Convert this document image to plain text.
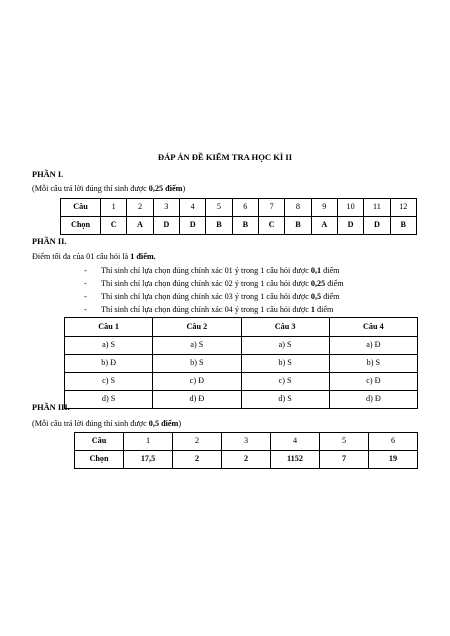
ĐÁP ÁN ĐỀ KIỂM TRA HỌC KÌ II
PHẦN I.
(Mỗi câu trả lời đúng thí sinh được 0,25 điểm)
Câu	1	2	3	4	5	6	7	8	9	10	11	12
Chọn	C	A	D	D	B	B	C	B	A	D	D	B
PHẦN II.
Điểm tối đa của 01 câu hỏi là 1 điểm.
- Thí sinh chỉ lựa chọn đúng chính xác 01 ý trong 1 câu hỏi được 0,1 điểm
- Thí sinh chỉ lựa chọn đúng chính xác 02 ý trong 1 câu hỏi được 0,25 điểm
- Thí sinh chỉ lựa chọn đúng chính xác 03 ý trong 1 câu hỏi được 0,5 điểm
- Thí sinh chỉ lựa chọn đúng chính xác 04 ý trong 1 câu hỏi được 1 điểm
Câu 1	Câu 2	Câu 3	Câu 4
a) S	a) S	a) S	a) Đ
b) Đ	b) S	b) S	b) S
c) S	c) Đ	c) S	c) Đ
d) S	d) Đ	d) S	d) Đ
PHẦN III.
(Mỗi câu trả lời đúng thí sinh được 0,5 điểm)
Câu	1	2	3	4	5	6
Chọn	17,5	2	2	1152	7	19
